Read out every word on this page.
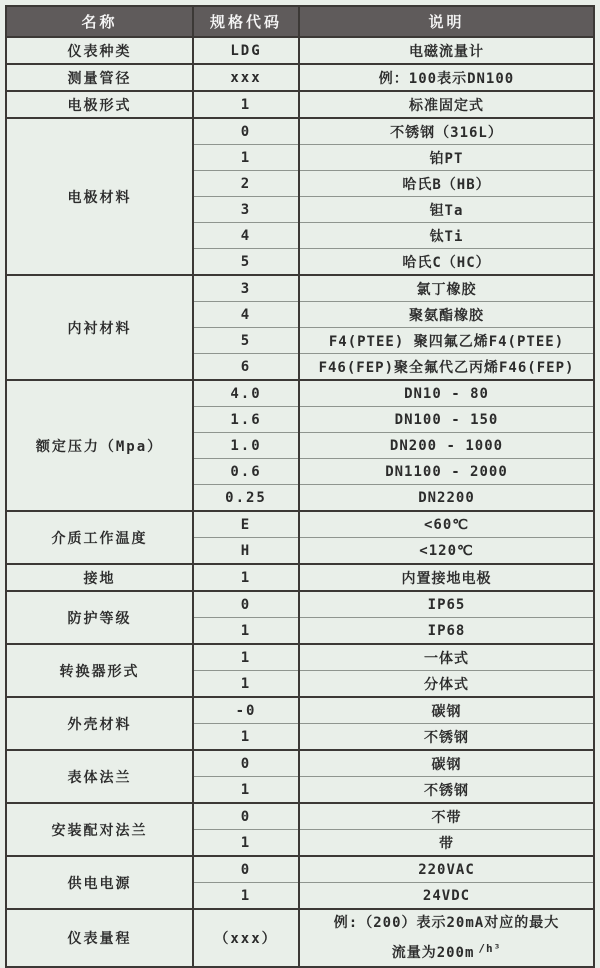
名称	规格代码	说明
仪表种类	LDG	电磁流量计
测量管径	xxx	例：100表示DN100
电极形式	1	标准固定式
电极材料	0	不锈钢（316L）
	1	铂PT
	2	哈氏B（HB）
	3	钽Ta
	4	钛Ti
	5	哈氏C（HC）
内衬材料	3	氯丁橡胶
	4	聚氨酯橡胶
	5	F4(PTEE) 聚四氟乙烯F4(PTEE)
	6	F46(FEP)聚全氟代乙丙烯F46(FEP)
额定压力（Mpa）	4.0	DN10 - 80
	1.6	DN100 - 150
	1.0	DN200 - 1000
	0.6	DN1100 - 2000
	0.25	DN2200
介质工作温度	E	<60℃
	H	<120℃
接地	1	内置接地电极
防护等级	0	IP65
	1	IP68
转换器形式	1	一体式
	1	分体式
外壳材料	-0	碳钢
	1	不锈钢
表体法兰	0	碳钢
	1	不锈钢
安装配对法兰	0	不带
	1	带
供电电源	0	220VAC
	1	24VDC
仪表量程	（xxx）	例:（200）表示20mA对应的最大
流量为200m $^{/h^3}$
